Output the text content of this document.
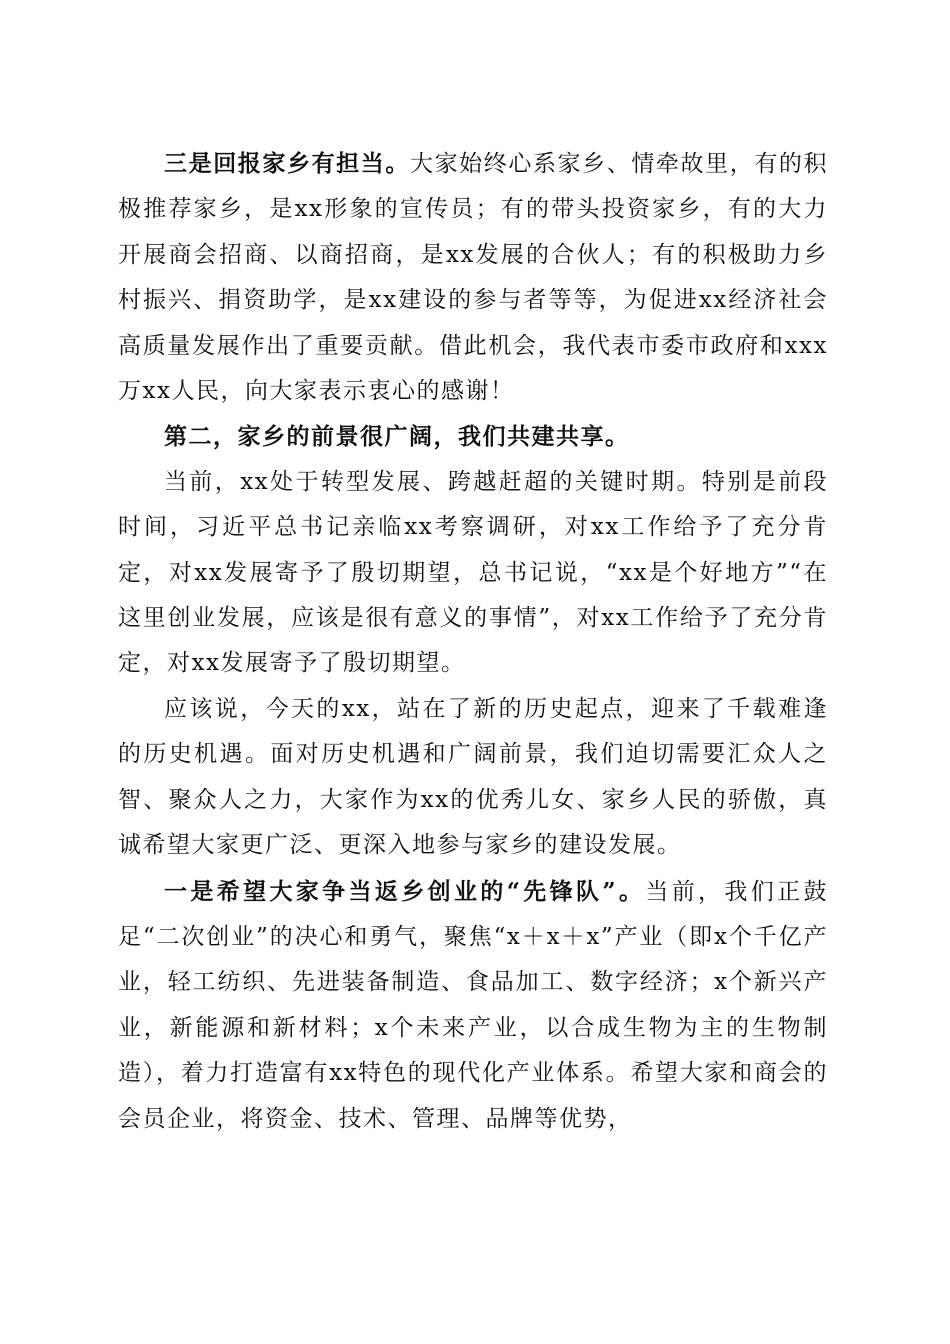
三是回报家乡有担当。大家始终心系家乡、情牵故里，有的积极推荐家乡，是xx形象的宣传员；有的带头投资家乡，有的大力开展商会招商、以商招商，是xx发展的合伙人；有的积极助力乡村振兴、捐资助学，是xx建设的参与者等等，为促进xx经济社会高质量发展作出了重要贡献。借此机会，我代表市委市政府和xxx万xx人民，向大家表示衷心的感谢！

第二，家乡的前景很广阔，我们共建共享。

当前，xx处于转型发展、跨越赶超的关键时期。特别是前段时间，习近平总书记亲临xx考察调研，对xx工作给予了充分肯定，对xx发展寄予了殷切期望，总书记说，“xx是个好地方”“在这里创业发展，应该是很有意义的事情”，对xx工作给予了充分肯定，对xx发展寄予了殷切期望。

应该说，今天的xx，站在了新的历史起点，迎来了千载难逢的历史机遇。面对历史机遇和广阔前景，我们迫切需要汇众人之智、聚众人之力，大家作为xx的优秀儿女、家乡人民的骄傲，真诚希望大家更广泛、更深入地参与家乡的建设发展。

一是希望大家争当返乡创业的“先锋队”。当前，我们正鼓足“二次创业”的决心和勇气，聚焦“x＋x＋x”产业（即x个千亿产业，轻工纺织、先进装备制造、食品加工、数字经济；x个新兴产业，新能源和新材料；x个未来产业，以合成生物为主的生物制造），着力打造富有xx特色的现代化产业体系。希望大家和商会的会员企业，将资金、技术、管理、品牌等优势，
